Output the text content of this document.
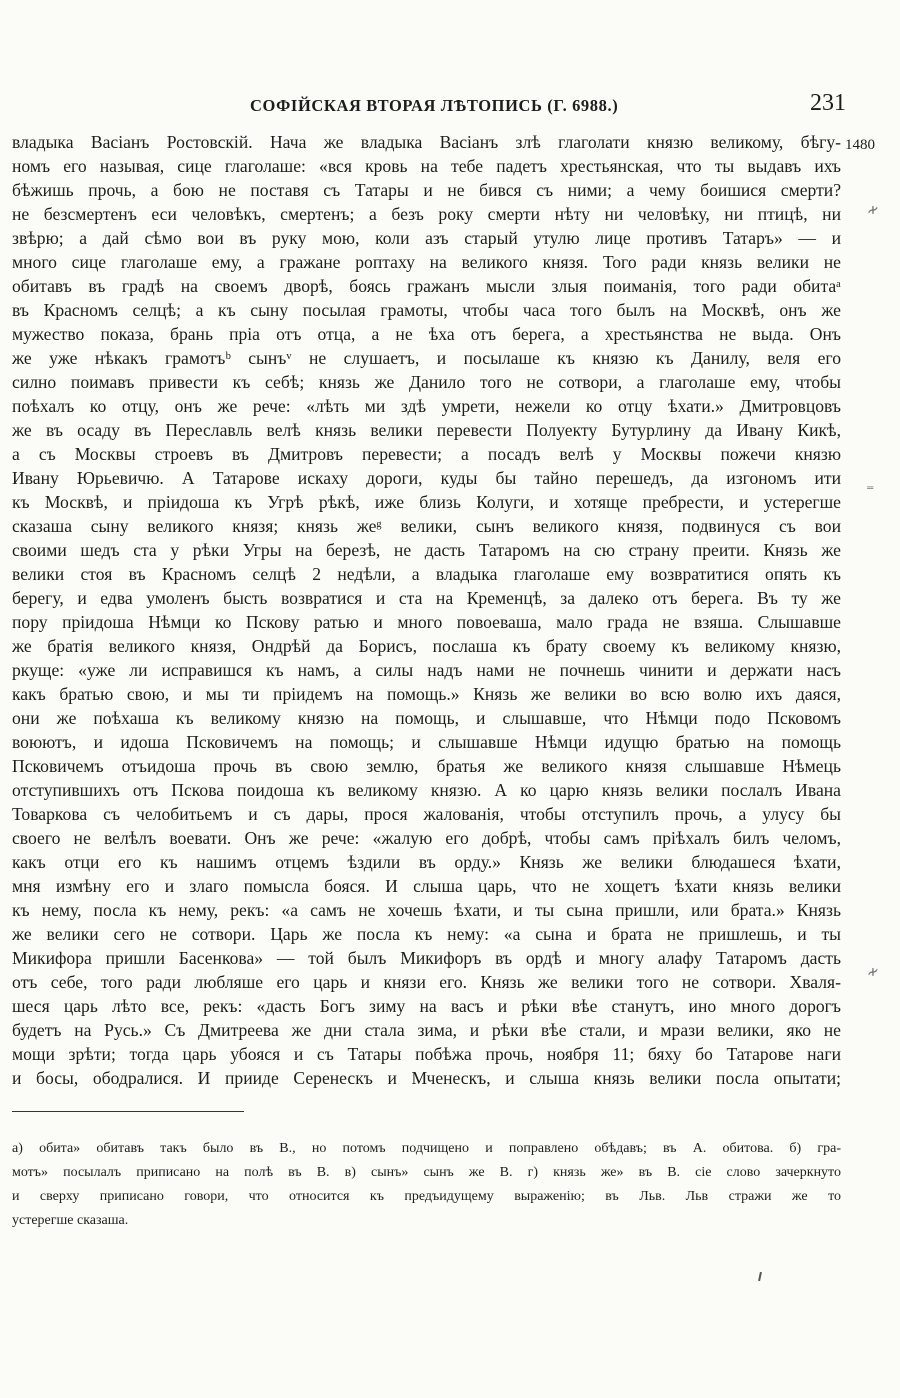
СОФІЙСКАЯ ВТОРАЯ ЛѢТОПИСЬ (Г. 6988.)	231
1480
≁
⁼
≁
владыка Васіанъ Ростовскій. Нача же владыка Васіанъ злѣ глаголати князю великому, бѣгу-
номъ его называя, сице глаголаше: «вся кровь на тебе падетъ хрестьянская, что ты выдавъ ихъ
бѣжишь прочь, а бою не поставя съ Татары и не бився съ ними; а чему боишися смерти?
не безсмертенъ еси человѣкъ, смертенъ; а безъ року смерти нѣту ни человѣку, ни птицѣ, ни
звѣрю; а дай сѣмо вои въ руку мою, коли азъ старый утулю лице противъ Татаръ» — и
много сице глаголаше ему, а гражане роптаху на великого князя. Того ради князь велики не
обитавъ въ градѣ на своемъ дворѣ, боясь гражанъ мысли злыя поиманія, того ради обитаᵃ
въ Красномъ селцѣ; а къ сыну посылая грамоты, чтобы часа того былъ на Москвѣ, онъ же
мужество показа, брань пріа отъ отца, а не ѣха отъ берега, а хрестьянства не выда. Онъ
же уже нѣкакъ грамотъᵇ сынъᵛ не слушаетъ, и посылаше къ князю къ Данилу, веля его
силно поимавъ привести къ себѣ; князь же Данило того не сотвори, а глаголаше ему, чтобы
поѣхалъ ко отцу, онъ же рече: «лѣть ми здѣ умрети, нежели ко отцу ѣхати.» Дмитровцовъ
же въ осаду въ Переславль велѣ князь велики перевести Полуекту Бутурлину да Ивану Кикѣ,
а съ Москвы строевъ въ Дмитровъ перевести; а посадъ велѣ у Москвы пожечи князю
Ивану Юрьевичю. А Татарове искаху дороги, куды бы тайно перешедъ, да изгономъ ити
къ Москвѣ, и пріидоша къ Угрѣ рѣкѣ, иже близь Колуги, и хотяще пребрести, и устерегше
сказаша сыну великого князя; князь жеᵍ велики, сынъ великого князя, подвинуся съ вои
своими шедъ ста у рѣки Угры на березѣ, не дасть Татаромъ на сю страну преити. Князь же
велики стоя въ Красномъ селцѣ 2 недѣли, а владыка глаголаше ему возвратитися опять къ
берегу, и едва умоленъ бысть возвратися и ста на Кременцѣ, за далеко отъ берега. Въ ту же
пору пріидоша Нѣмци ко Пскову ратью и много повоеваша, мало града не взяша. Слышавше
же братія великого князя, Ондрѣй да Борисъ, послаша къ брату своему къ великому князю,
ркуще: «уже ли исправишся къ намъ, а силы надъ нами не почнешь чинити и держати насъ
какъ братью свою, и мы ти пріидемъ на помощь.» Князь же велики во всю волю ихъ даяся,
они же поѣхаша къ великому князю на помощь, и слышавше, что Нѣмци подо Псковомъ
воюютъ, и идоша Псковичемъ на помощь; и слышавше Нѣмци идущю братью на помощь
Псковичемъ отъидоша прочь въ свою землю, братья же великого князя слышавше Нѣмець
отступившихъ отъ Пскова поидоша къ великому князю. А ко царю князь велики послалъ Ивана
Товаркова съ челобитьемъ и съ дары, прося жалованія, чтобы отступилъ прочь, а улусу бы
своего не велѣлъ воевати. Онъ же рече: «жалую его добрѣ, чтобы самъ пріѣхалъ билъ челомъ,
какъ отци его къ нашимъ отцемъ ѣздили въ орду.» Князь же велики блюдашеся ѣхати,
мня измѣну его и злаго помысла бояся. И слыша царь, что не хощетъ ѣхати князь велики
къ нему, посла къ нему, рекъ: «а самъ не хочешь ѣхати, и ты сына пришли, или брата.» Князь
же велики сего не сотвори. Царь же посла къ нему: «а сына и брата не пришлешь, и ты
Микифора пришли Басенкова» — той былъ Микифоръ въ ордѣ и многу алафу Татаромъ дасть
отъ себе, того ради любляше его царь и князи его. Князь же велики того не сотвори. Хваля-
шеся царь лѣто все, рекъ: «дасть Богъ зиму на васъ и рѣки вѣе станутъ, ино много дорогъ
будетъ на Русь.» Съ Дмитреева же дни стала зима, и рѣки вѣе стали, и мрази велики, яко не
мощи зрѣти; тогда царь убояся и съ Татары побѣжа прочь, ноября 11; бяху бо Татарове наги
и босы, ободралися. И прииде Серенескъ и Мченескъ, и слыша князь велики посла опытати;
а) обита» обитавъ такъ было въ В., но потомъ подчищено и поправлено обѣдавъ; въ А. обитова. б) гра-
мотъ» посылалъ приписано на полѣ въ В. в) сынъ» сынъ же В. г) князь же» въ В. сіе слово зачеркнуто
и сверху приписано говори, что относится къ предъидущему выраженію; въ Льв. Льв стражи же то
устерегше сказаша.
